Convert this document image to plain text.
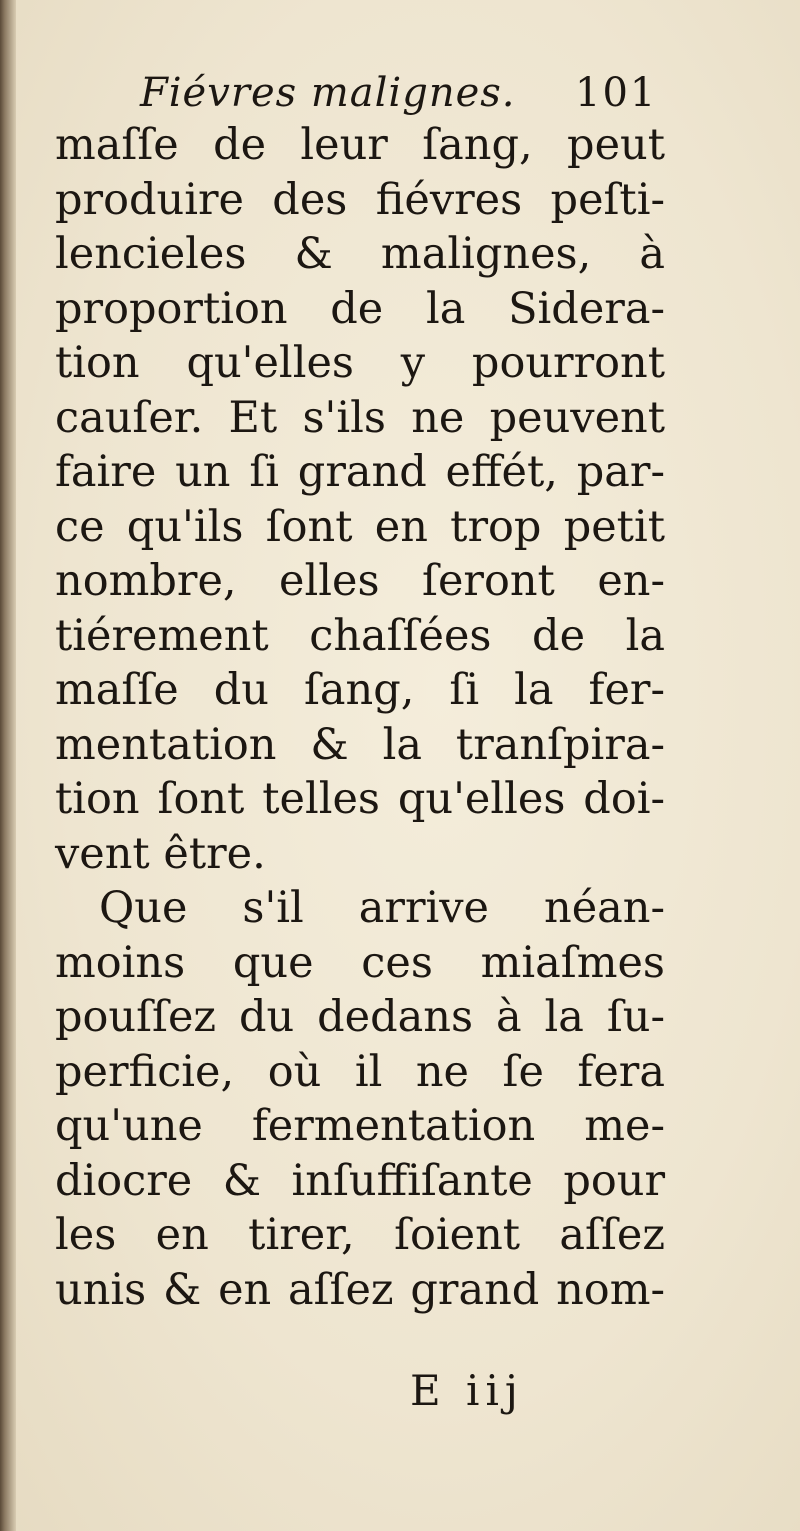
Fiévres malignes. 101
maſſe de leur ſang, peut
produire des fiévres peſti-
lencieles & malignes, à
proportion de la Sidera-
tion qu'elles y pourront
cauſer. Et s'ils ne peuvent
faire un ſi grand effét, par-
ce qu'ils ſont en trop petit
nombre, elles ſeront en-
tiérement chaſſées de la
maſſe du ſang, ſi la fer-
mentation & la tranſpira-
tion ſont telles qu'elles doi-
vent être.
Que s'il arrive néan-
moins que ces miaſmes
pouſſez du dedans à la ſu-
perficie, où il ne ſe fera
qu'une fermentation me-
diocre & inſuffiſante pour
les en tirer, ſoient aſſez
unis & en aſſez grand nom-
E iij
